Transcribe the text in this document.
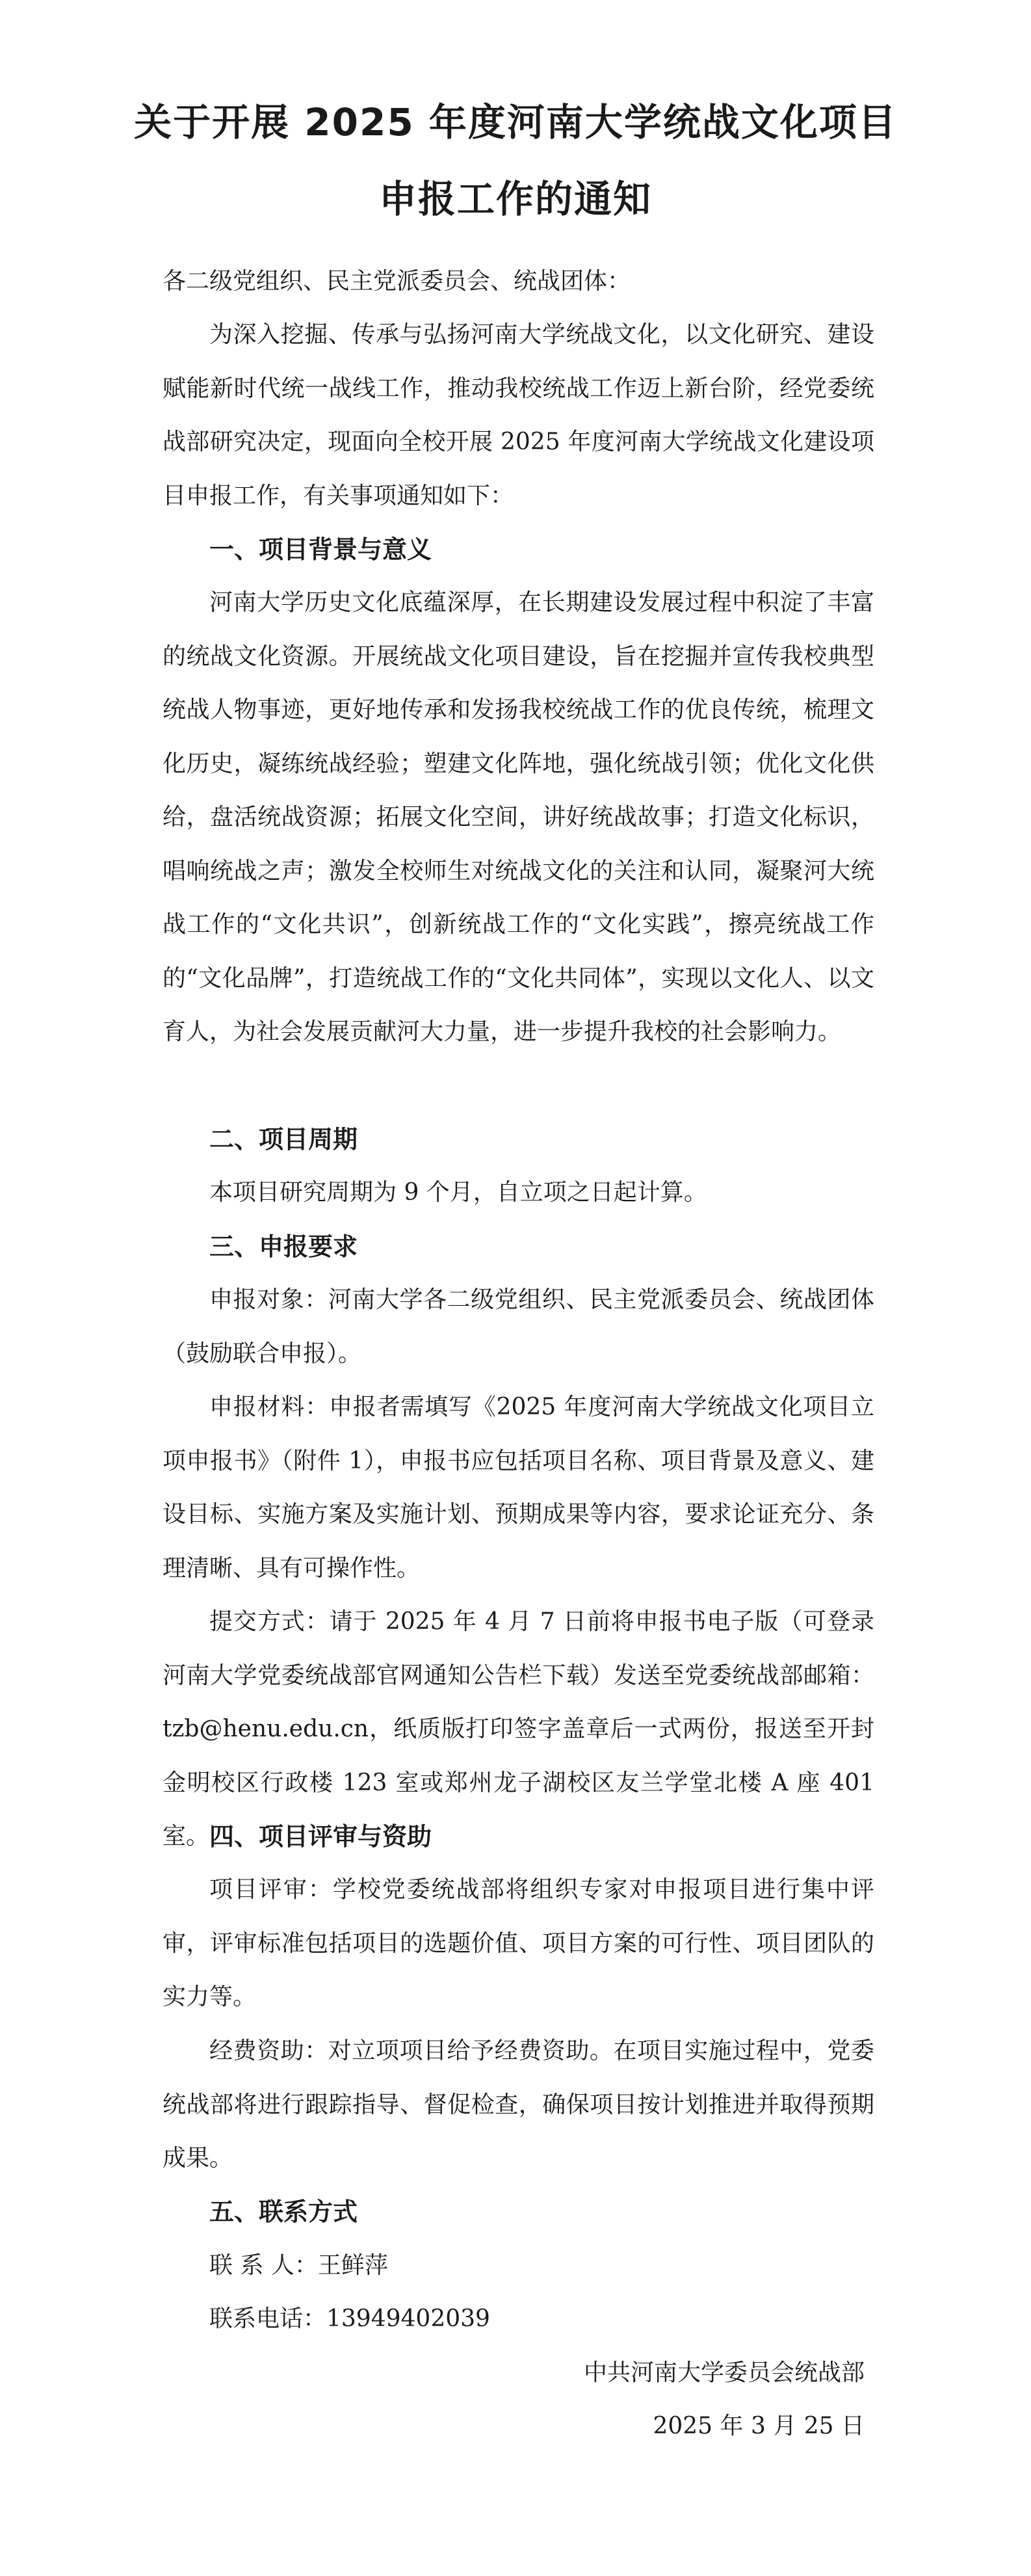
关于开展 2025 年度河南大学统战文化项目
申报工作的通知

各二级党组织、民主党派委员会、统战团体：

为深入挖掘、传承与弘扬河南大学统战文化，以文化研究、建设赋能新时代统一战线工作，推动我校统战工作迈上新台阶，经党委统战部研究决定，现面向全校开展 2025 年度河南大学统战文化建设项目申报工作，有关事项通知如下：

一、项目背景与意义

河南大学历史文化底蕴深厚，在长期建设发展过程中积淀了丰富的统战文化资源。开展统战文化项目建设，旨在挖掘并宣传我校典型统战人物事迹，更好地传承和发扬我校统战工作的优良传统，梳理文化历史，凝练统战经验；塑建文化阵地，强化统战引领；优化文化供给，盘活统战资源；拓展文化空间，讲好统战故事；打造文化标识，唱响统战之声；激发全校师生对统战文化的关注和认同，凝聚河大统战工作的“文化共识”，创新统战工作的“文化实践”，擦亮统战工作的“文化品牌”，打造统战工作的“文化共同体”，实现以文化人、以文育人，为社会发展贡献河大力量，进一步提升我校的社会影响力。

二、项目周期

本项目研究周期为 9 个月，自立项之日起计算。

三、申报要求

申报对象：河南大学各二级党组织、民主党派委员会、统战团体（鼓励联合申报）。

申报材料：申报者需填写《2025 年度河南大学统战文化项目立项申报书》（附件 1），申报书应包括项目名称、项目背景及意义、建设目标、实施方案及实施计划、预期成果等内容，要求论证充分、条理清晰、具有可操作性。

提交方式：请于 2025 年 4 月 7 日前将申报书电子版（可登录河南大学党委统战部官网通知公告栏下载）发送至党委统战部邮箱：tzb@henu.edu.cn，纸质版打印签字盖章后一式两份，报送至开封金明校区行政楼 123 室或郑州龙子湖校区友兰学堂北楼 A 座 401 室。 四、项目评审与资助

项目评审：学校党委统战部将组织专家对申报项目进行集中评审，评审标准包括项目的选题价值、项目方案的可行性、项目团队的实力等。

经费资助：对立项项目给予经费资助。在项目实施过程中，党委统战部将进行跟踪指导、督促检查，确保项目按计划推进并取得预期成果。

五、联系方式

联 系 人：王鲜萍

联系电话：13949402039

中共河南大学委员会统战部

2025 年 3 月 25 日
